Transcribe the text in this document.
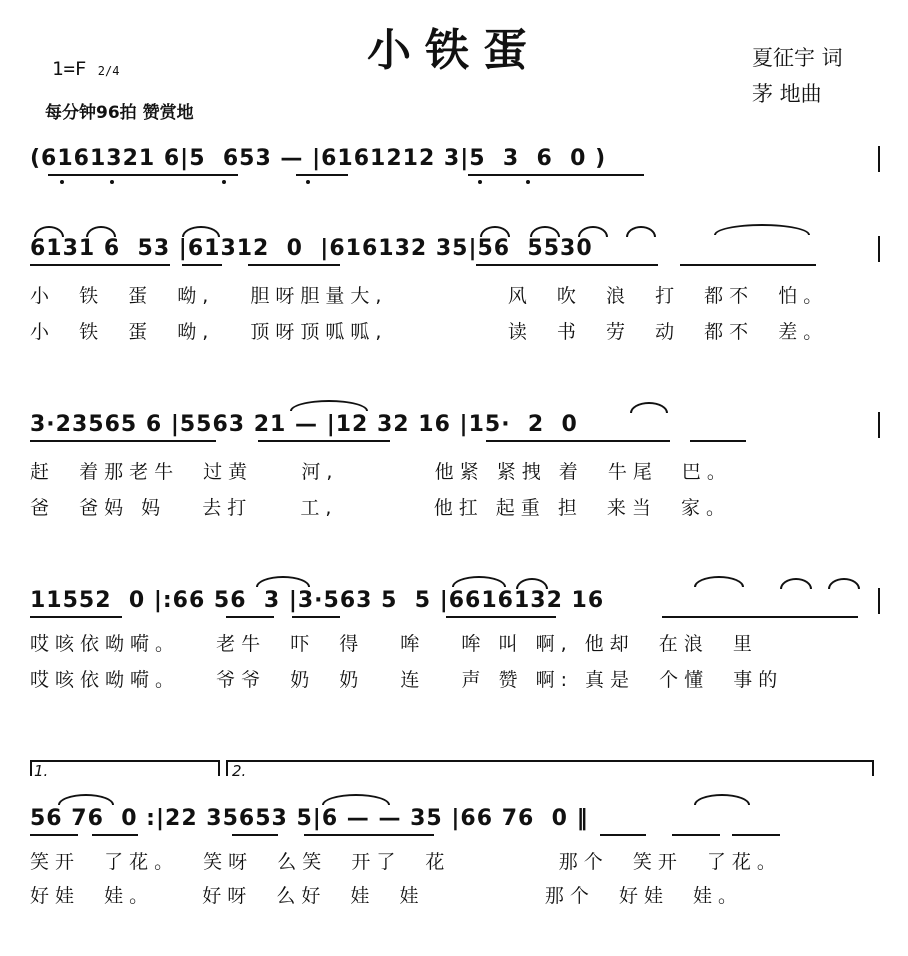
小铁蛋
1=F 2/4
每分钟96拍 赞赏地
夏征宇 词
茅 地曲
(6161321 6|5  653 — |6161212 3|5  3  6  0 )
6131 6  53 |61312  0  |616132 35|56  5530
小  铁  蛋  呦,   胆呀胆量大,          风  吹  浪  打  都不  怕。
小  铁  蛋  呦,   顶呀顶呱呱,          读  书  劳  动  都不  差。
3·23565 6 |5563 21 — |12 32 16 |15·  2  0
赶  着那老牛  过黄    河,        他紧 紧拽 着  牛尾  巴。
爸  爸妈 妈   去打    工,        他扛 起重 担  来当  家。
11552  0 |:66 56  3 |3·563 5  5 |6616132 16
哎咳依呦嗬。   老牛  吓  得   哞   哞 叫 啊, 他却  在浪  里
哎咳依呦嗬。   爷爷  奶  奶   连   声 赞 啊: 真是  个懂  事的
1.	2.
56 76  0 :|22 35653 5|6 — — 35 |66 76  0 ‖
笑开  了花。  笑呀  么笑  开了  花         那个  笑开  了花。
好娃  娃。    好呀  么好  娃  娃          那个  好娃  娃。
